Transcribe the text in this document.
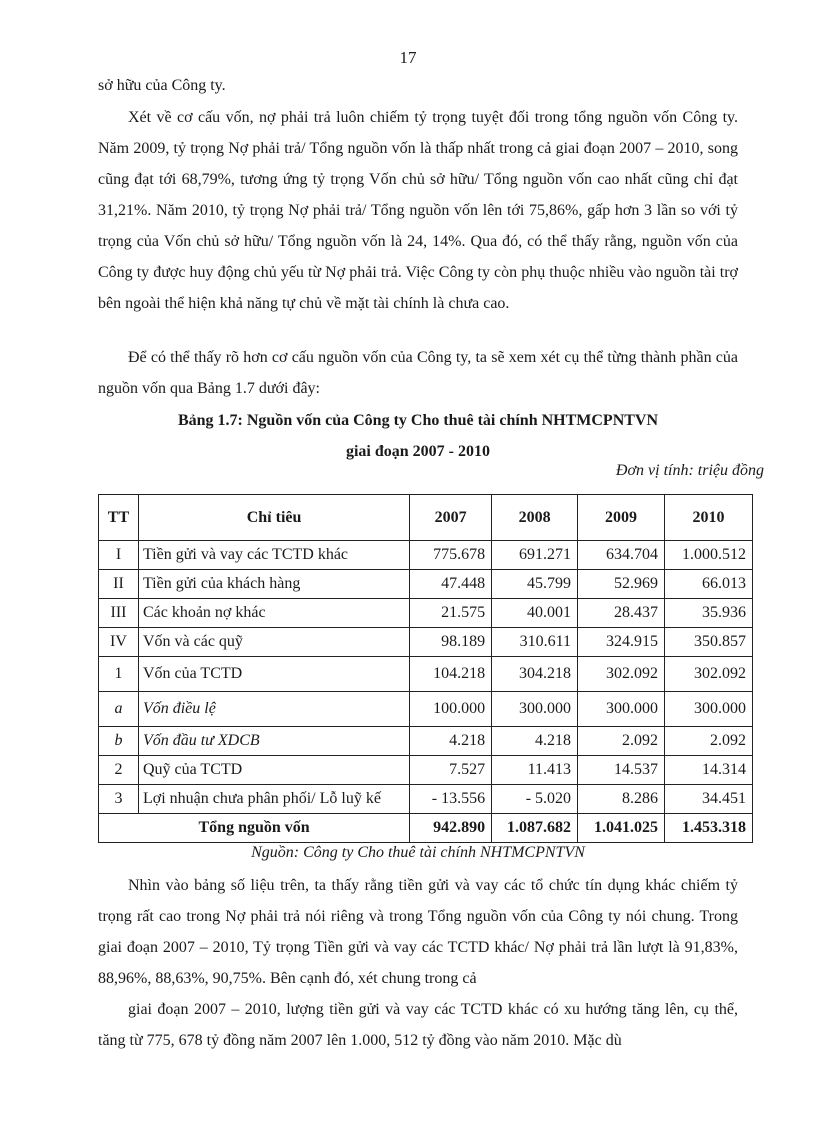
17

sở hữu của Công ty.

Xét về cơ cấu vốn, nợ phải trả luôn chiếm tỷ trọng tuyệt đối trong tổng nguồn vốn Công ty. Năm 2009, tỷ trọng Nợ phải trả/ Tổng nguồn vốn là thấp nhất trong cả giai đoạn 2007 – 2010, song cũng đạt tới 68,79%, tương ứng tỷ trọng Vốn chủ sở hữu/ Tổng nguồn vốn cao nhất cũng chỉ đạt 31,21%. Năm 2010, tỷ trọng Nợ phải trả/ Tổng nguồn vốn lên tới 75,86%, gấp hơn 3 lần so với tỷ trọng của Vốn chủ sở hữu/ Tổng nguồn vốn là 24, 14%. Qua đó, có thể thấy rằng, nguồn vốn của Công ty được huy động chủ yếu từ Nợ phải trả. Việc Công ty còn phụ thuộc nhiều vào nguồn tài trợ bên ngoài thể hiện khả năng tự chủ về mặt tài chính là chưa cao.

Để có thể thấy rõ hơn cơ cấu nguồn vốn của Công ty, ta sẽ xem xét cụ thể từng thành phần của nguồn vốn qua Bảng 1.7 dưới đây:

Bảng 1.7: Nguồn vốn của Công ty Cho thuê tài chính NHTMCPNTVN
giai đoạn 2007 - 2010
Đơn vị tính: triệu đồng
TT	Chỉ tiêu	2007	2008	2009	2010
I	Tiền gửi và vay các TCTD khác	775.678	691.271	634.704	1.000.512
II	Tiền gửi của khách hàng	47.448	45.799	52.969	66.013
III	Các khoản nợ khác	21.575	40.001	28.437	35.936
IV	Vốn và các quỹ	98.189	310.611	324.915	350.857
1	Vốn của TCTD	104.218	304.218	302.092	302.092
a	Vốn điều lệ	100.000	300.000	300.000	300.000
b	Vốn đầu tư XDCB	4.218	4.218	2.092	2.092
2	Quỹ của TCTD	7.527	11.413	14.537	14.314
3	Lợi nhuận chưa phân phối/ Lỗ luỹ kế	- 13.556	- 5.020	8.286	34.451
Tổng nguồn vốn		942.890	1.087.682	1.041.025	1.453.318
Nguồn: Công ty Cho thuê tài chính NHTMCPNTVN

Nhìn vào bảng số liệu trên, ta thấy rằng tiền gửi và vay các tổ chức tín dụng khác chiếm tỷ trọng rất cao trong Nợ phải trả nói riêng và trong Tổng nguồn vốn của Công ty nói chung. Trong giai đoạn 2007 – 2010, Tỷ trọng Tiền gửi và vay các TCTD khác/ Nợ phải trả lần lượt là 91,83%, 88,96%, 88,63%, 90,75%. Bên cạnh đó, xét chung trong cả

giai đoạn 2007 – 2010, lượng tiền gửi và vay các TCTD khác có xu hướng tăng lên, cụ thể, tăng từ 775, 678 tỷ đồng năm 2007 lên 1.000, 512 tỷ đồng vào năm 2010. Mặc dù
